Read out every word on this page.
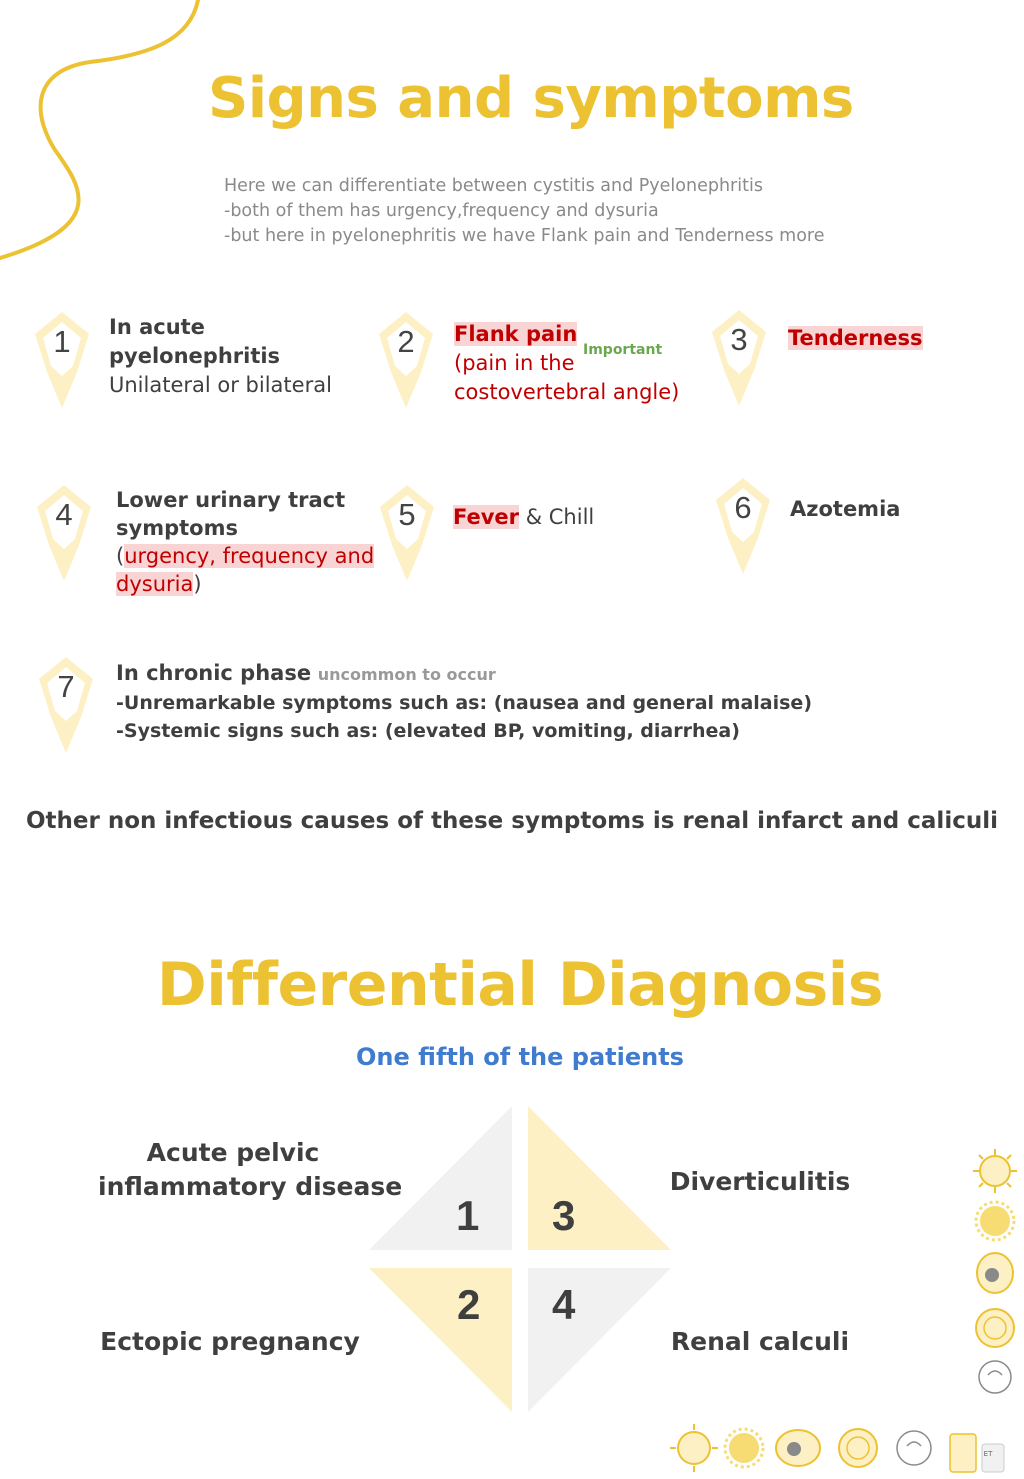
Signs and symptoms
Here we can differentiate between cystitis and Pyelonephritis
-both of them has urgency,frequency and dysuria
-but here in pyelonephritis we have Flank pain and Tenderness more
1	In acute
pyelonephritis
Unilateral or bilateral
2	Flank pain
(pain in the
costovertebral angle)
Important	3	Tenderness
4	Lower urinary tract
symptoms
(urgency, frequency and
dysuria)
5	Fever & Chill	6	Azotemia
7	In chronic phase uncommon to occur
-Unremarkable symptoms such as: (nausea and general malaise)
-Systemic signs such as: (elevated BP, vomiting, diarrhea)
Other non infectious causes of these symptoms is renal infarct and caliculi
Differential Diagnosis
One fifth of the patients
1 3
2 4
Acute pelvic
inflammatory disease
Ectopic pregnancy
Diverticulitis
Renal calculi
ET
